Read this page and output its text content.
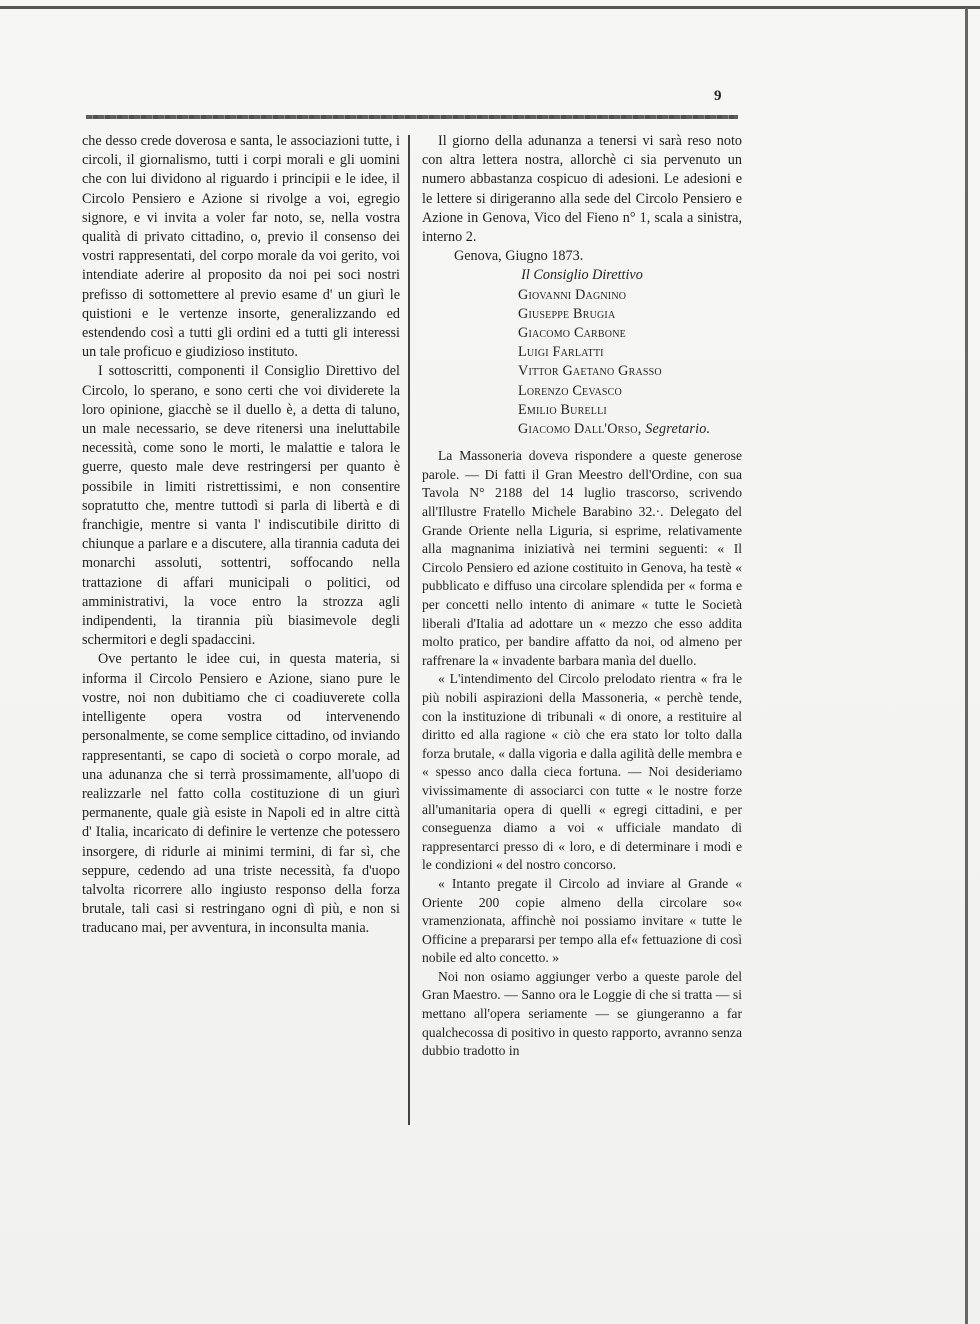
9

che desso crede doverosa e santa, le associazioni tutte, i circoli, il giornalismo, tutti i corpi morali e gli uomini che con lui dividono al riguardo i principii e le idee, il Circolo Pensiero e Azione si rivolge a voi, egregio signore, e vi invita a voler far noto, se, nella vostra qualità di privato cittadino, o, previo il consenso dei vostri rappresentati, del corpo morale da voi gerito, voi intendiate aderire al proposito da noi pei soci nostri prefisso di sottomettere al previo esame d' un giurì le quistioni e le vertenze insorte, generalizzando ed estendendo così a tutti gli ordini ed a tutti gli interessi un tale proficuo e giudizioso instituto.

I sottoscritti, componenti il Consiglio Direttivo del Circolo, lo sperano, e sono certi che voi dividerete la loro opinione, giacchè se il duello è, a detta di taluno, un male necessario, se deve ritenersi una ineluttabile necessità, come sono le morti, le malattie e talora le guerre, questo male deve restringersi per quanto è possibile in limiti ristrettissimi, e non consentire sopratutto che, mentre tuttodì si parla di libertà e di franchigie, mentre si vanta l' indiscutibile diritto di chiunque a parlare e a discutere, alla tirannia caduta dei monarchi assoluti, sottentri, soffocando nella trattazione di affari municipali o politici, od amministrativi, la voce entro la strozza agli indipendenti, la tirannia più biasimevole degli schermitori e degli spadaccini.

Ove pertanto le idee cui, in questa materia, si informa il Circolo Pensiero e Azione, siano pure le vostre, noi non dubitiamo che ci coadiuverete colla intelligente opera vostra od intervenendo personalmente, se come semplice cittadino, od inviando rappresentanti, se capo di società o corpo morale, ad una adunanza che si terrà prossimamente, all'uopo di realizzarle nel fatto colla costituzione di un giurì permanente, quale già esiste in Napoli ed in altre città d' Italia, incaricato di definire le vertenze che potessero insorgere, di ridurle ai minimi termini, di far sì, che seppure, cedendo ad una triste necessità, fa d'uopo talvolta ricorrere allo ingiusto responso della forza brutale, tali casi si restringano ogni dì più, e non si traducano mai, per avventura, in inconsulta mania.

Il giorno della adunanza a tenersi vi sarà reso noto con altra lettera nostra, allorchè ci sia pervenuto un numero abbastanza cospicuo di adesioni. Le adesioni e le lettere si dirigeranno alla sede del Circolo Pensiero e Azione in Genova, Vico del Fieno n° 1, scala a sinistra, interno 2.

Genova, Giugno 1873.

Il Consiglio Direttivo

Giovanni Dagnino
Giuseppe Brugia
Giacomo Carbone
Luigi Farlatti
Vittor Gaetano Grasso
Lorenzo Cevasco
Emilio Burelli
Giacomo Dall'Orso, Segretario.

La Massoneria doveva rispondere a queste generose parole. — Di fatti il Gran Meestro dell'Ordine, con sua Tavola N° 2188 del 14 luglio trascorso, scrivendo all'Illustre Fratello Michele Barabino 32.·. Delegato del Grande Oriente nella Liguria, si esprime, relativamente alla magnanima iniziativà nei termini seguenti: « Il Circolo Pensiero ed azione costituito in Genova, ha testè « pubblicato e diffuso una circolare splendida per « forma e per concetti nello intento di animare « tutte le Società liberali d'Italia ad adottare un « mezzo che esso addita molto pratico, per bandire affatto da noi, od almeno per raffrenare la « invadente barbara manìa del duello.

« L'intendimento del Circolo prelodato rientra « fra le più nobili aspirazioni della Massoneria, « perchè tende, con la instituzione di tribunali « di onore, a restituire al diritto ed alla ragione « ciò che era stato lor tolto dalla forza brutale, « dalla vigoria e dalla agilità delle membra e « spesso anco dalla cieca fortuna. — Noi desideriamo vivissimamente di associarci con tutte « le nostre forze all'umanitaria opera di quelli « egregi cittadini, e per conseguenza diamo a voi « ufficiale mandato di rappresentarci presso di « loro, e di determinare i modi e le condizioni « del nostro concorso.

« Intanto pregate il Circolo ad inviare al Grande « Oriente 200 copie almeno della circolare so« vramenzionata, affinchè noi possiamo invitare « tutte le Officine a prepararsi per tempo alla ef« fettuazione di così nobile ed alto concetto. »

Noi non osiamo aggiunger verbo a queste parole del Gran Maestro. — Sanno ora le Loggie di che si tratta — si mettano all'opera seriamente — se giungeranno a far qualchecossa di positivo in questo rapporto, avranno senza dubbio tradotto in
